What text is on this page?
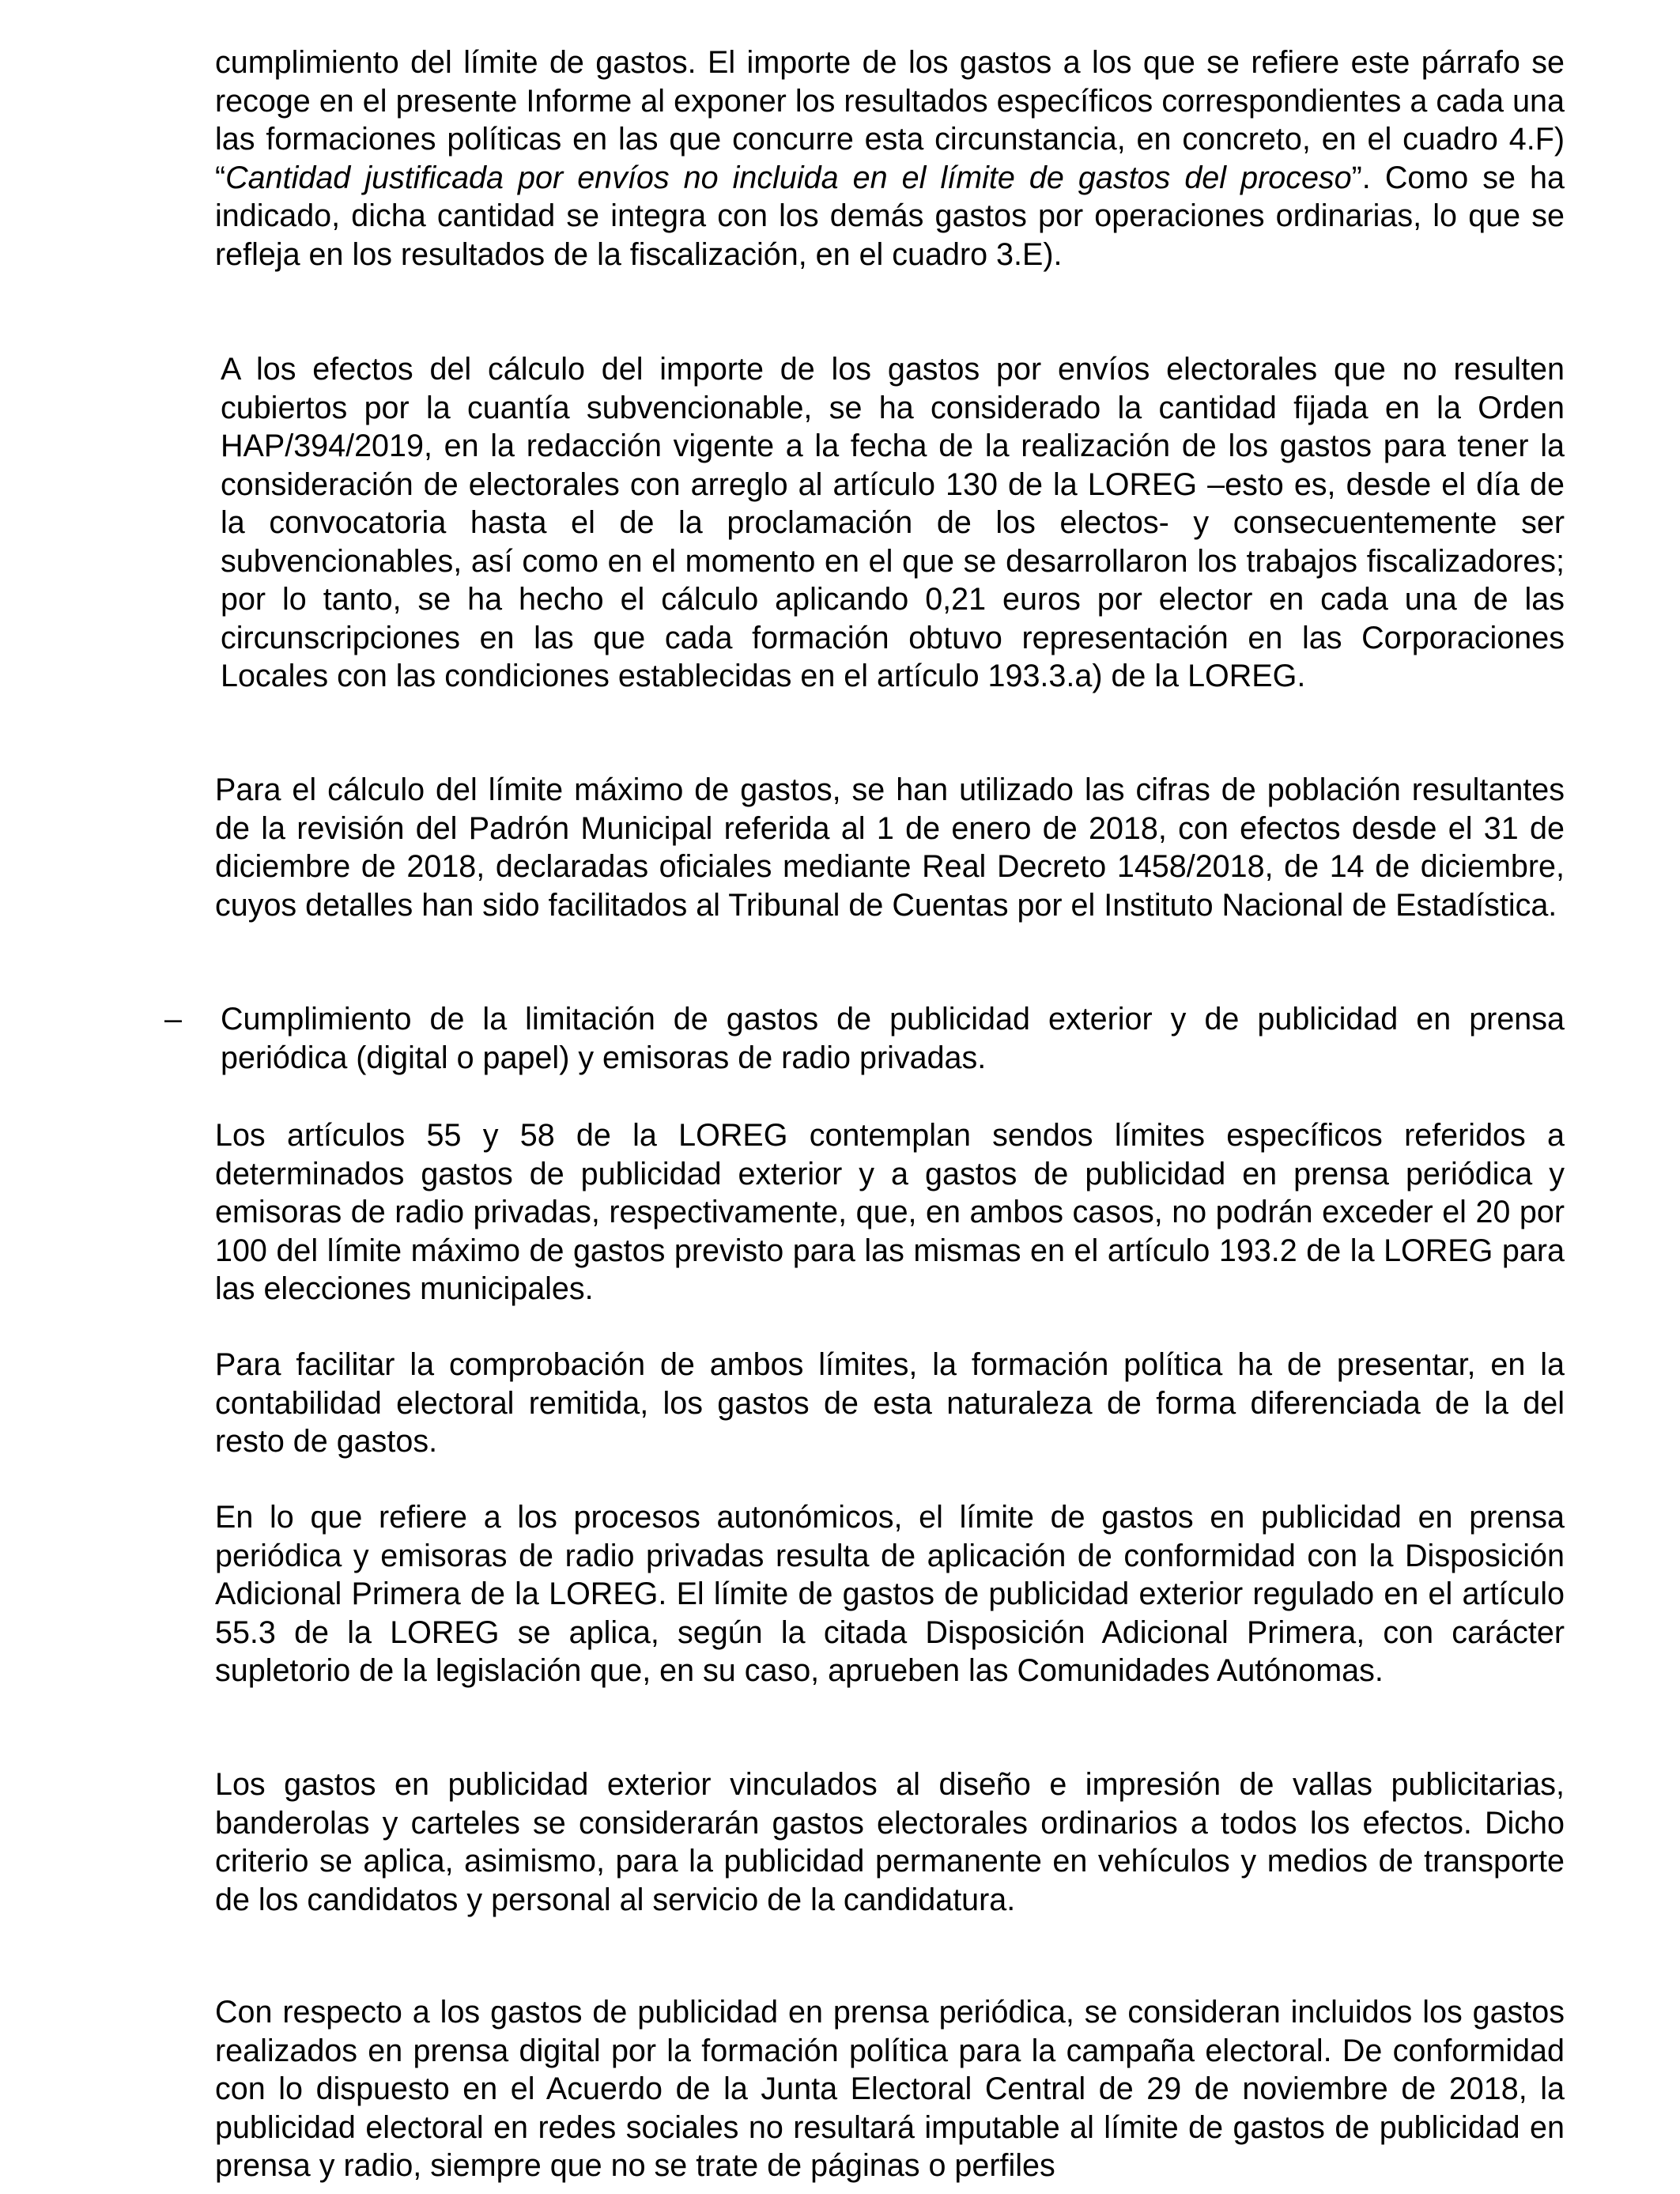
cumplimiento del límite de gastos. El importe de los gastos a los que se refiere este párrafo se recoge en el presente Informe al exponer los resultados específicos correspondientes a cada una las formaciones políticas en las que concurre esta circunstancia, en concreto, en el cuadro 4.F) “Cantidad justificada por envíos no incluida en el límite de gastos del proceso”. Como se ha indicado, dicha cantidad se integra con los demás gastos por operaciones ordinarias, lo que se refleja en los resultados de la fiscalización, en el cuadro 3.E).

A los efectos del cálculo del importe de los gastos por envíos electorales que no resulten cubiertos por la cuantía subvencionable, se ha considerado la cantidad fijada en la Orden HAP/394/2019, en la redacción vigente a la fecha de la realización de los gastos para tener la consideración de electorales con arreglo al artículo 130 de la LOREG –esto es, desde el día de la convocatoria hasta el de la proclamación de los electos- y consecuentemente ser subvencionables, así como en el momento en el que se desarrollaron los trabajos fiscalizadores; por lo tanto, se ha hecho el cálculo aplicando 0,21 euros por elector en cada una de las circunscripciones en las que cada formación obtuvo representación en las Corporaciones Locales con las condiciones establecidas en el artículo 193.3.a) de la LOREG.

Para el cálculo del límite máximo de gastos, se han utilizado las cifras de población resultantes de la revisión del Padrón Municipal referida al 1 de enero de 2018, con efectos desde el 31 de diciembre de 2018, declaradas oficiales mediante Real Decreto 1458/2018, de 14 de diciembre, cuyos detalles han sido facilitados al Tribunal de Cuentas por el Instituto Nacional de Estadística.

– Cumplimiento de la limitación de gastos de publicidad exterior y de publicidad en prensa periódica (digital o papel) y emisoras de radio privadas.

Los artículos 55 y 58 de la LOREG contemplan sendos límites específicos referidos a determinados gastos de publicidad exterior y a gastos de publicidad en prensa periódica y emisoras de radio privadas, respectivamente, que, en ambos casos, no podrán exceder el 20 por 100 del límite máximo de gastos previsto para las mismas en el artículo 193.2 de la LOREG para las elecciones municipales.

Para facilitar la comprobación de ambos límites, la formación política ha de presentar, en la contabilidad electoral remitida, los gastos de esta naturaleza de forma diferenciada de la del resto de gastos.

En lo que refiere a los procesos autonómicos, el límite de gastos en publicidad en prensa periódica y emisoras de radio privadas resulta de aplicación de conformidad con la Disposición Adicional Primera de la LOREG. El límite de gastos de publicidad exterior regulado en el artículo 55.3 de la LOREG se aplica, según la citada Disposición Adicional Primera, con carácter supletorio de la legislación que, en su caso, aprueben las Comunidades Autónomas.

Los gastos en publicidad exterior vinculados al diseño e impresión de vallas publicitarias, banderolas y carteles se considerarán gastos electorales ordinarios a todos los efectos. Dicho criterio se aplica, asimismo, para la publicidad permanente en vehículos y medios de transporte de los candidatos y personal al servicio de la candidatura.

Con respecto a los gastos de publicidad en prensa periódica, se consideran incluidos los gastos realizados en prensa digital por la formación política para la campaña electoral. De conformidad con lo dispuesto en el Acuerdo de la Junta Electoral Central de 29 de noviembre de 2018, la publicidad electoral en redes sociales no resultará imputable al límite de gastos de publicidad en prensa y radio, siempre que no se trate de páginas o perfiles
